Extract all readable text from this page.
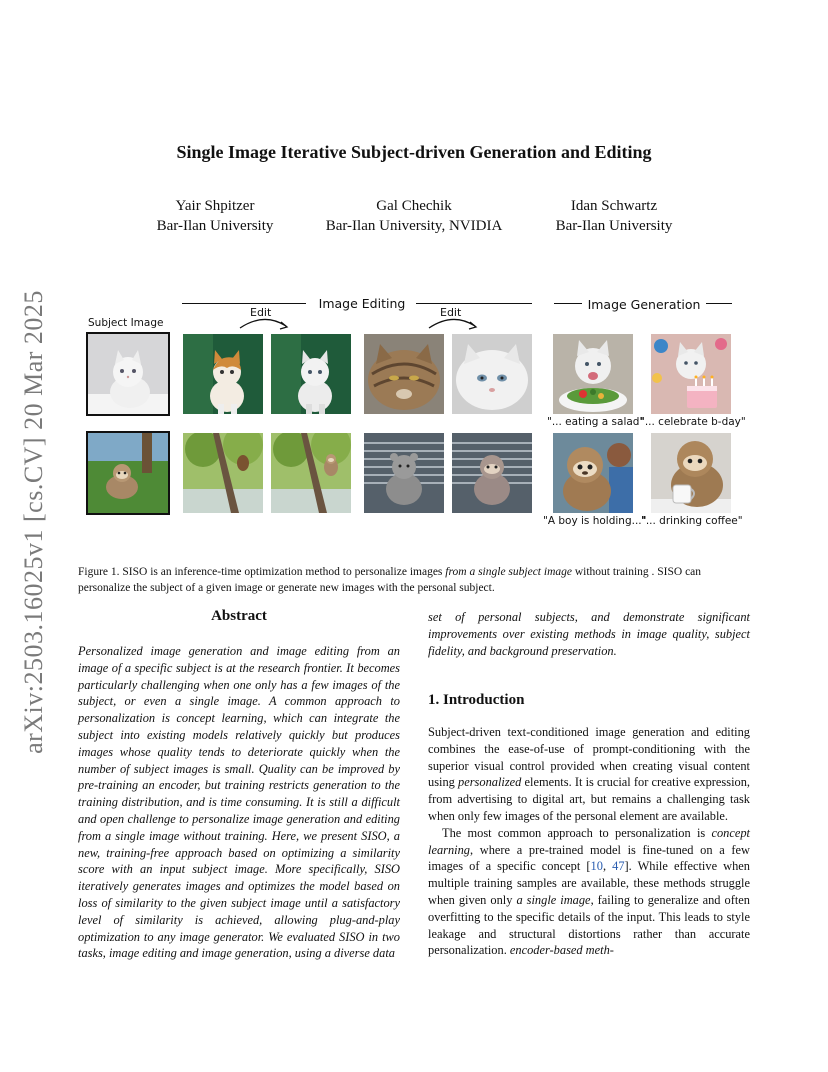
arXiv:2503.16025v1 [cs.CV] 20 Mar 2025
Single Image Iterative Subject-driven Generation and Editing
Yair Shpitzer
Bar-Ilan University
Gal Chechik
Bar-Ilan University, NVIDIA
Idan Schwartz
Bar-Ilan University
Image Editing	Image Generation
Subject Image
Edit	Edit
"... eating a salad"
"... celebrate b-day"
"A boy is holding..."
"... drinking coffee"
Figure 1. SISO is an inference-time optimization method to personalize images from a single subject image without training . SISO can personalize the subject of a given image or generate new images with the personal subject.
Abstract
Personalized image generation and image editing from an image of a specific subject is at the research frontier. It becomes particularly challenging when one only has a few images of the subject, or even a single image. A common approach to personalization is concept learning, which can integrate the subject into existing models relatively quickly but produces images whose quality tends to deteriorate quickly when the number of subject images is small. Quality can be improved by pre-training an encoder, but training restricts generation to the training distribution, and is time consuming. It is still a difficult and open challenge to personalize image generation and editing from a single image without training. Here, we present SISO, a new, training-free approach based on optimizing a similarity score with an input subject image. More specifically, SISO iteratively generates images and optimizes the model based on loss of similarity to the given subject image until a satisfactory level of similarity is achieved, allowing plug-and-play optimization to any image generator. We evaluated SISO in two tasks, image editing and image generation, using a diverse data
set of personal subjects, and demonstrate significant improvements over existing methods in image quality, subject fidelity, and background preservation.
1. Introduction

Subject-driven text-conditioned image generation and editing combines the ease-of-use of prompt-conditioning with the superior visual control provided when creating visual content using personalized elements. It is crucial for creative expression, from advertising to digital art, but remains a challenging task when only few images of the personal element are available.

The most common approach to personalization is concept learning, where a pre-trained model is fine-tuned on a few images of a specific concept [10, 47]. While effective when multiple training samples are available, these methods struggle when given only a single image, failing to generalize and often overfitting to the specific details of the input. This leads to style leakage and structural distortions rather than accurate personalization. encoder-based meth-
